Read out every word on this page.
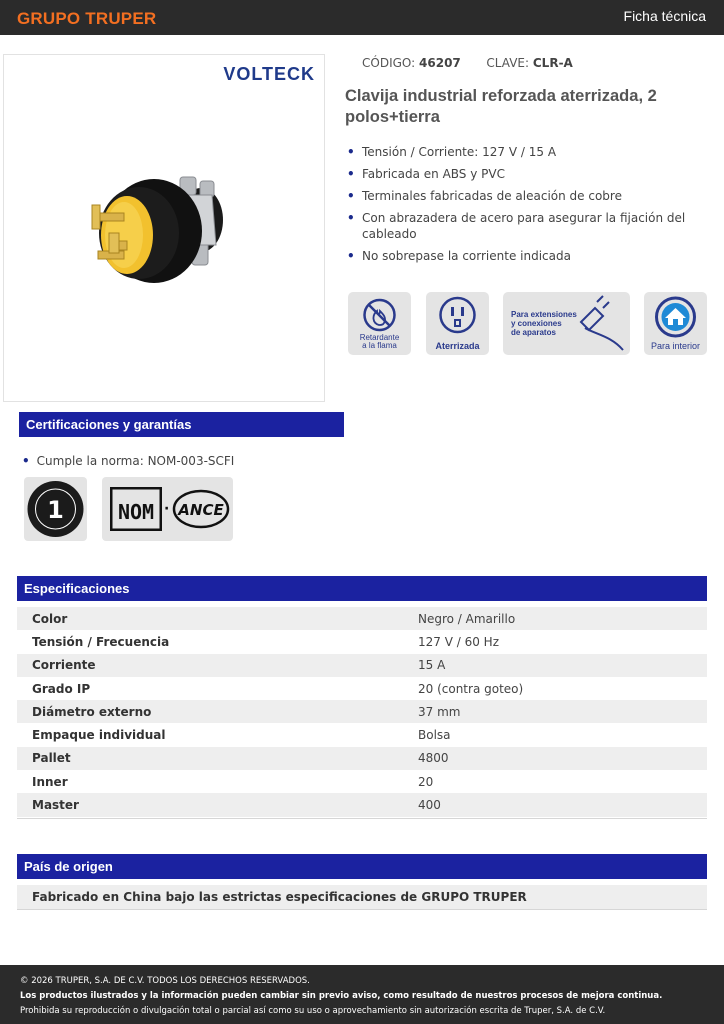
GRUPO TRUPER	Ficha técnica
VOLTECK
CÓDIGO: 46207 CLAVE: CLR-A
Clavija industrial reforzada aterrizada, 2 polos+tierra
• Tensión / Corriente: 127 V / 15 A
• Fabricada en ABS y PVC
• Terminales fabricadas de aleación de cobre
• Con abrazadera de acero para asegurar la fijación del cableado
• No sobrepase la corriente indicada
Retardante
a la flama	Aterrizada
Para extensiones
y conexiones
de aparatos
Para interior
Certificaciones y garantías
• Cumple la norma: NOM-003-SCFI
1	NOM · ANCE
Especificaciones
Color	Negro / Amarillo
Tensión / Frecuencia	127 V / 60 Hz
Corriente	15 A
Grado IP	20 (contra goteo)
Diámetro externo	37 mm
Empaque individual	Bolsa
Pallet	4800
Inner	20
Master	400
País de origen
Fabricado en China bajo las estrictas especificaciones de GRUPO TRUPER
© 2026 TRUPER, S.A. DE C.V. TODOS LOS DERECHOS RESERVADOS.
Los productos ilustrados y la información pueden cambiar sin previo aviso, como resultado de nuestros procesos de mejora continua.
Prohibida su reproducción o divulgación total o parcial así como su uso o aprovechamiento sin autorización escrita de Truper, S.A. de C.V.
